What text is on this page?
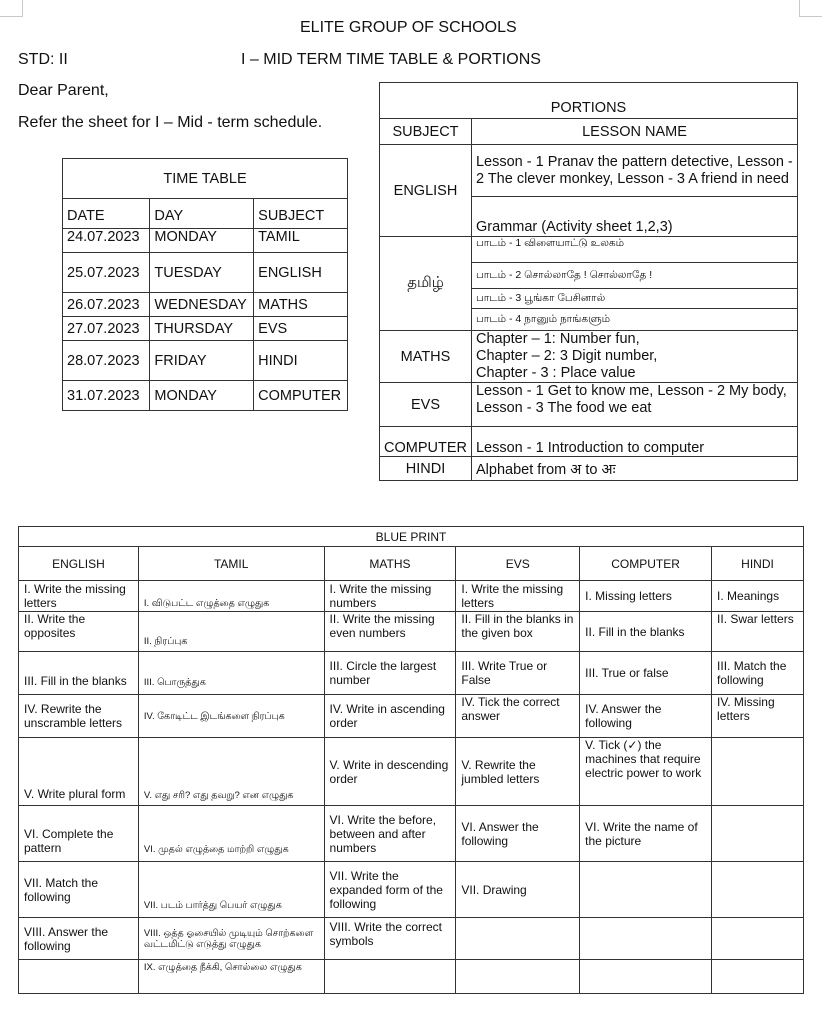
ELITE GROUP OF SCHOOLS
STD: II	I – MID TERM TIME TABLE & PORTIONS
Dear Parent,
Refer the sheet for I – Mid - term schedule.
TIME TABLE		
DATE	DAY	SUBJECT
24.07.2023	MONDAY	TAMIL
25.07.2023	TUESDAY	ENGLISH
26.07.2023	WEDNESDAY	MATHS
27.07.2023	THURSDAY	EVS
28.07.2023	FRIDAY	HINDI
31.07.2023	MONDAY	COMPUTER
PORTIONS	
SUBJECT	LESSON NAME
ENGLISH	Lesson - 1 Pranav the pattern detective, Lesson - 2 The clever monkey, Lesson - 3 A friend in need
	Grammar (Activity sheet 1,2,3)
தமிழ்	பாடம் - 1 விளையாட்டு உலகம்
	பாடம் - 2 சொல்லாதே ! சொல்லாதே !
	பாடம் - 3 பூங்கா பேசினால்
	பாடம் - 4 நானும் நாங்களும்
MATHS	Chapter – 1: Number fun,
Chapter – 2: 3 Digit number,
Chapter - 3 : Place value

EVS	Lesson - 1 Get to know me, Lesson - 2 My body, Lesson - 3 The food we eat
COMPUTER	Lesson - 1 Introduction to computer
HINDI	Alphabet from अ to अः
BLUE PRINT					
ENGLISH	TAMIL	MATHS	EVS	COMPUTER	HINDI
I. Write the missing letters	I. விடுபட்ட எழுத்தை எழுதுக	I. Write the missing numbers	I. Write the missing letters	I. Missing letters	I. Meanings
II. Write the opposites	II. நிரப்புக	II. Write the missing even numbers	II. Fill in the blanks in the given box	II. Fill in the blanks	II. Swar letters
III. Fill in the blanks	III. பொருத்துக	III. Circle the largest number	III. Write True or False	III. True or false	III. Match the following
IV. Rewrite the unscramble letters	IV. கோடிட்ட இடங்களை நிரப்புக	IV. Write in ascending order	IV. Tick the correct answer	IV. Answer the following	IV. Missing letters
V. Write plural form	V. எது சரி? எது தவறு? என எழுதுக	V. Write in descending order	V. Rewrite the jumbled letters	V. Tick (✓) the machines that require electric power to work	
VI. Complete the pattern	VI. முதல் எழுத்தை மாற்றி எழுதுக	VI. Write the before, between and after numbers	VI. Answer the following	VI. Write the name of the picture	
VII. Match the following	VII. படம் பார்த்து பெயர் எழுதுக	VII. Write the expanded form of the following	VII. Drawing		
VIII. Answer the following	VIII. ஒத்த ஓசையில் முடியும் சொற்களை வட்டமிட்டு எடுத்து எழுதுக	VIII. Write the correct symbols			
	IX. எழுத்தை நீக்கி, சொல்லை எழுதுக				
